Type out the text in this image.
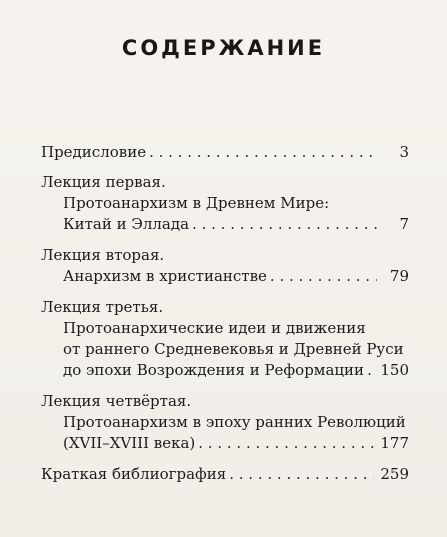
СОДЕРЖАНИЕ
Предисловие . . .	3
Лекция первая.
Протоанархизм в Древнем Мире:
Китай и Эллада . . .	7
Лекция вторая.
Анархизм в христианстве . . .	79
Лекция третья.
Протоанархические идеи и движения
от раннего Средневековья и Древней Руси
до эпохи Возрождения и Реформации . . . 150
Лекция четвёртая.
Протоанархизм в эпоху ранних Революций
(XVII–XVIII века) . . .	177
Краткая библиография . . .	259
